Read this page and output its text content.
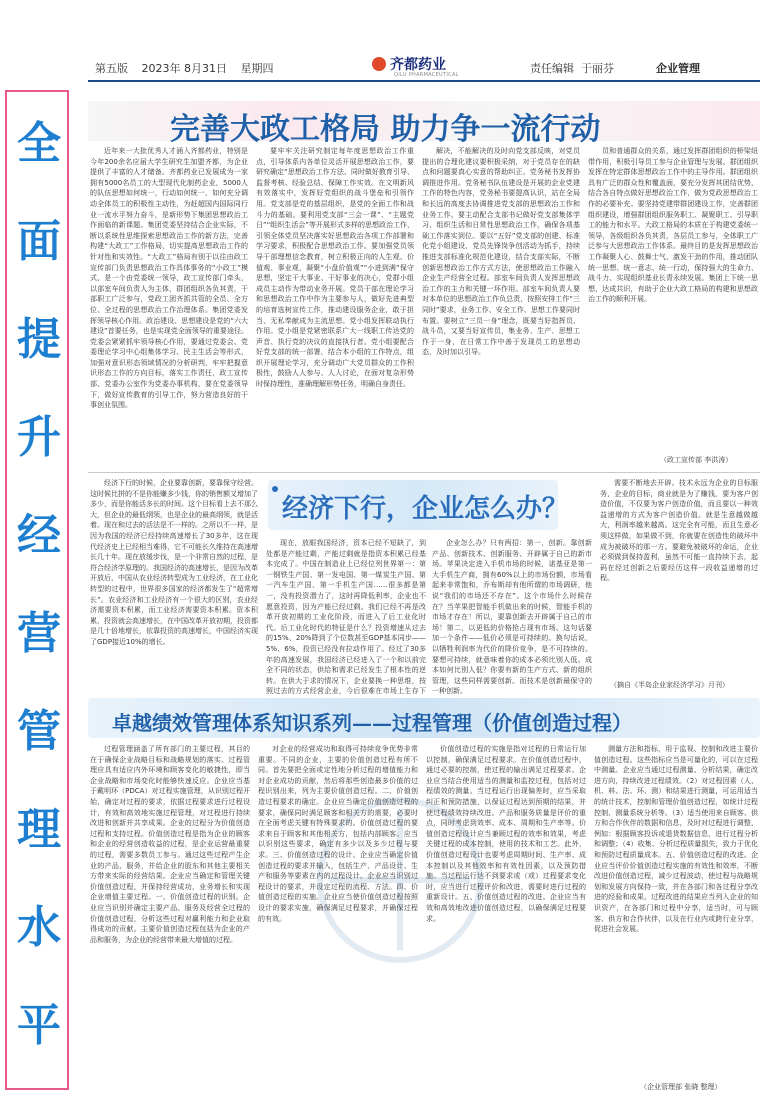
第五版 2023年 8月31日 星期四	齐都药业
QILU PHARMACEUTICAL	责任编辑 于丽芬	企业管理
全
面
提
升
经
营
管
理
水
平
完善大政工格局 助力争一流行动

近年来一大批优秀人才涌入齐都药业，特别是今年200余名应届大学生研究生加盟齐都，为企业提供了丰富的人才储备。齐都药业已发展成为一家拥有5000名员工的大型现代化制药企业，5000人的队伍思想如何统一，行动如何统一，如何充分调动全体员工的积极性主动性，为赶超国内国际同行业一流水平努力奋斗，是新形势下集团思想政治工作面临的新课题。集团党委坚持结合企业实际，不断以系统性思维探索思想政治工作的新方法，完善构建“大政工”工作格局，切实提高思想政治工作的针对性和实效性。“大政工”格局有别于以往由政工宣传部门负责思想政治工作具体事务的“小政工”模式，是一个由党委统一领导，政工宣传部门牵头，以部室车间负责人为主体，群团组织各负其责，干部职工广泛参与，党政工团齐抓共管的全员、全方位、全过程的思想政治工作治理体系。集团党委发挥领导核心作用。政治建设、思想建设是党的“六大建设”首要任务，也是实现党全面领导的重要途径。党委会紧紧抓牢领导核心作用，要通过党委会、党委理论学习中心组集体学习、民主生活会等形式，加强对意识形态领域情况的分析研判，牢牢把握意识形态工作的方向目标，落实工作责任，政工宣传部、党委办公室作为党委办事机构，要在党委领导下，做好宣传教育的引导工作，努力营造良好的干事创业氛围。

要牢牢关注研究制定每年度思想政治工作重点，引导体系内各单位灵活开展思想政治工作，要研究确定“思想政治工作方法、同时做好教育引导、监督考核、经验总结、保障工作实效。在文明新风有效落实中，发挥好党组织的战斗堡垒和引领作用。党支部是党的基层组织，是党的全面工作和战斗力的基础。要利用党支部“三会一课”、“主题党日”“组织生活会”等开展形式多样的思想政治工作，引领全体党员坚决落实好思想政治各项工作部署和学习要求，积极配合思想政治工作。要加强党员领导干部理想信念教育，树立积极正向的人生观、价值观、事业观，凝聚“小盘价值观”“小进到满”保守思想，坚定干大事业、干好事业的决心，党群小组成员主动作为带动业务开展。党员干部在理论学习和思想政治工作中作为主要参与人，做好先进典型的培育选树宣传工作，推动建设服务企业，敢于担当、无私奉献成为主流思想。党小组发挥联动执行作用。党小组是党紧密联系广大一线职工传达党的声音、执行党的决议的直接执行者。党小组要配合好党支部的统一部署，结合本小组的工作特点，组织开展理论学习，充分调动广大党员群众的工作积极性，鼓励人人参与、人人讨论，在面对复杂形势时保持理性，准确理解形势任务，明确自身责任。

解决，不能解决的及时向党支部反映，对党员提出的合理化建议要积极采纳，对于党员存在的缺点和问题要真心实意的帮助纠正。党务秘书发挥协调推进作用。党务秘书队伍建设是开展的企业党建工作的特色内容，党务秘书要提高认识，站在全局和长远的高度去协调推进党支部的思想政治工作和业务工作。要主动配合支部书记做好党支部集体学习、组织生活和日常性思想政治工作，确保各项基础工作落实到位。要以“五好”党支部的创建、标准化党小组建设、党员先锋岗争创活动为抓手，持续推进支部标准化规范化建设，结合支部实际，不断创新思想政治工作方式方法，使思想政治工作融入企业生产经营全过程。部室车间负责人发挥思想政治工作的主力和关键一环作用。部室车间负责人要对本单位的思想政治工作负总责，按照安排工作“三同时”要求，业务工作、安全工作、思想工作要同时布置。要树立“三员一身”理念，既要当好指挥员、战斗员，又要当好宣传员，集业务、生产、思想工作于一身，在日常工作中善于发现员工的思想动态，及时加以引导。

员和普通群众的关系，通过发挥群团组织的桥梁纽带作用，积极引导员工参与企业管理与发展。群团组织发挥在特定群体思想政治工作中的主导作用。群团组织具有广泛的群众性和覆盖面，要充分发挥其团结优势，结合各自特点做好思想政治工作，做为党政思想政治工作的必要补充。要坚持党建带群团建设工作，完善群团组织建设，增强群团组织服务职工、凝聚职工、引导职工的能力和水平。大政工格局的本质在于构建党委统一领导，各级组织各负其责，各层员工参与，全体职工广泛参与大思想政治工作体系。最终目的是发挥思想政治工作凝聚人心、鼓舞士气、激发干劲的作用，推动团队统一思想、统一意志、统一行动，保持强大的生命力、战斗力、实现组织基业长青永续发展。集团上下统一思想，达成共识，有助于企业大政工格局的构建和思想政治工作的顺利开展。

（政工宣传部 李洪涛）
经济下行，企业怎么办？

经济下行的时候，企业要靠创新，要靠保守经营。这时候比拼的不是你能赚多少钱，你的销售额又增加了多少，而是你能活多长的时间。这个目标看上去不那么大，但企业的最低纲领，也是企业的最高纲领，就是活着。现在和过去的活法是不一样的。之所以不一样，是因为我国的经济已经持续高速增长了30多年，这在现代经济史上已经相当难得，它不可能长久维持在高速增长几十年。现在放缓步伐，是一个非常自然的过程，是符合经济学原理的。我国经济的高速增长，是因为改革开放后，中国从农业经济转型成为工业经济，在工业化转型的过程中，世界很多国家的经济都发生了“超常增长”。农业经济和工业经济有一个很大的区别，农业经济需要资本积累，而工业经济需要资本积累。资本积累，投资就会高速增长，在中国改革开放初期，投资都是几十倍地增长，依靠投资的高速增长，中国经济实现了GDP接近10%的增长。

现在，放眼我国经济，资本已经不短缺了，到处都是产能过剩，产能过剩就是指资本积累已经基本完成了。中国在制造业上已经位列世界第一：第一钢铁生产国、第一发电国、第一煤炭生产国、第一汽车生产国、第一手机生产国……很多都是第一，没有投资潜力了，这时再降低利率，企业也不愿意投资，因为产能已经过剩。我们已经不再是改革开放初期的工业化阶段，而进入了后工业化时代。后工业化时代的特征是什么？投资增速从过去的15%、20%降到了个位数甚至GDP基本同步——5%、6%，投资已经没有拉动作用了。经过了30多年的高速发展，我国经济已经进入了一个和以前完全不同的状态，供给和需求已经发生了根本性的逆转。在供大于求的情况下，企业要换一种思维，按照过去的方式经营企业，今后很难在市场上生存下

企业怎么办？只有两招：第一，创新。靠创新产品、创新技术、创新服务、开辟属于自己的新市场。苹果决定进入手机市场的时候，诺基亚是第一大手机生产商，拥有60%以上的市场份额，市场看起来非常饱和，乔布斯却有他所谓的市场调研，他说“我们的市场还不存在”。这个市场什么时候存在？当苹果把智能手机做出来的时候，智能手机的市场才存在！所以，要靠创新去开辟属于自己的市场！第二，以更低的价格抢占现有市场。这句话要加一个条件——低价必须是可持续的。换句话说，以牺牲利润率为代价的降价竞争，是不可持续的。要想可持续，就意味着你的成本必须比别人低。成本如何比别人低？你要有新的生产方式、新的组织管理，这些同样需要创新。而技术是创新最保守的一种创新。

需要不断地去开辟。技术永远为企业的目标服务，企业的目标，商业就是为了赚钱，要为客户创造价值，不仅要为客户创造价值，而且要以一种效益递增的方式为客户创造价值。就是生意越做越大，利润率越来越高。这完全有可能，而且生意必须这样做，如果做不到，你就要在创造性的破坏中成为被破坏的那一方。要避免被破坏的命运，企业必须做到保持盈利，虽然不可能一直持续下去，起码在经过创新之后要经历这样一段收益递增的过程。

（摘自《半岛企业家经济学习》月刊）
卓越绩效管理体系知识系列——过程管理（价值创造过程）

过程管理涵盖了所有部门的主要过程，其目的在于确保企业战略目标和战略规划的落实。过程管理应具有适应内外环境和顾客变化的敏捷性，即当企业战略和市场变化时能够快速反应。企业应当基于戴明环（PDCA）对过程实施管理，从识别过程开始，确定对过程的要求，依据过程要求进行过程设计，有效和高效地实施过程管理，对过程进行持续改进和创新并共享成果。企业的过程分为价值创造过程和支持过程。价值创造过程是指为企业的顾客和企业的经营创造收益的过程，是企业运营最重要的过程，需要多数员工参与。通过这些过程产生企业的产品、服务，并给企业的股东和其他主要相关方带来实际的经营结果。企业应当确定和管理关键价值创造过程，并保持经营成功，业务增长和实现企业增值主要过程。一、价值创造过程的识别。企业应当识别并确定主要产品、服务及经营全过程的价值创造过程，分析这些过程对赢利能力和企业取得成功的贡献。主要价值创造过程包括为企业的产品和服务，为企业的经营带来最大增值的过程。

对企业的经营成功和取得可持续竞争优势非常重要。不同的企业，主要的价值创造过程有所不同。首先要把全面或定性地分析过程的增值能力和对企业成功的贡献，然后将那些创造最多价值的过程识别出来，列为主要价值创造过程。二、价值创造过程要求的确定。企业应当确定价值创造过程的要求，确保同时满足顾客和相关方的需要，必要时在全面考虑关键有特殊要求的。价值创造过程的要求来自于顾客和其他相关方，包括内部顾客。应当以识别这些要求，确定有多少以及多少过程与要求。三、价值创造过程的设计。企业应当确定价值创造过程的要求并输入，包括生产、产品设计、生产和服务等要素在内的过程设计。企业应当识别过程设计的要求，并设定过程的流程、方法。四、价值创造过程的实施。企业应当使价值创造过程按照设计的要求实施，确保满足过程要求，并确保过程的有效。

价值创造过程的实施是指对过程的日常运行加以控制，确保满足过程要求。在价值创造过程中，通过必要的控制，使过程的输出满足过程要求。企业应当结合使用适当的测量和监控过程，包括对过程绩效的测量。当过程运行出现偏差时，应当采取纠正和预防措施，以保证过程达到预期的结果，并使过程绩效持续改进。产品和服务质量是评价的重点，同时考虑到效率、成本、周期和生产率等。价值创造过程设计应当兼顾过程的效率和效果，考虑关键过程的成本控制，使用的技术和工艺。此外，价值创造过程设计也要考虑周期时间、生产率、成本控制以及其他效率和有效性因素，以及预防措施。当过程运行达不到要求或（或）过程要求变化时，应当进行过程评价和改进，需要时进行过程的重新设计。五、价值创造过程的改进。企业应当有效和高效地改进价值创造过程，以确保满足过程要求。

测量方法和指标，用于监视、控制和改进主要价值创造过程。这些指标应当是可量化的，可以在过程中测量。企业应当通过过程测量、分析结果，确定改进方向，持续改进过程绩效。（2）对过程因素（人、机、料、法、环、测）和结果进行测量，可运用适当的统计技术，控制和管理价值创造过程，如统计过程控制、测量系统分析等。（3）适当使用来自顾客、供方和合作伙伴的数据和信息，及时对过程进行调整，例如：根据顾客投诉或退货数据信息，进行过程分析和调整；（4）收集、分析过程质量损失，致力于优化和预防过程质量成本。五、价值创造过程的改进。企业应当评价价值创造过程实施的有效性和效率，不断改进价值创造过程，减少过程波动，使过程与战略规划和发展方向保持一致，并在各部门和各过程分享改进的经验和成果。过程改进的结果应当列入企业的知识资产，在各部门和过程中分享，适当时，可与顾客、供方和合作伙伴，以及在行业内或跨行业分享，促进社会发展。

（企业管理部 张晓 整理）
